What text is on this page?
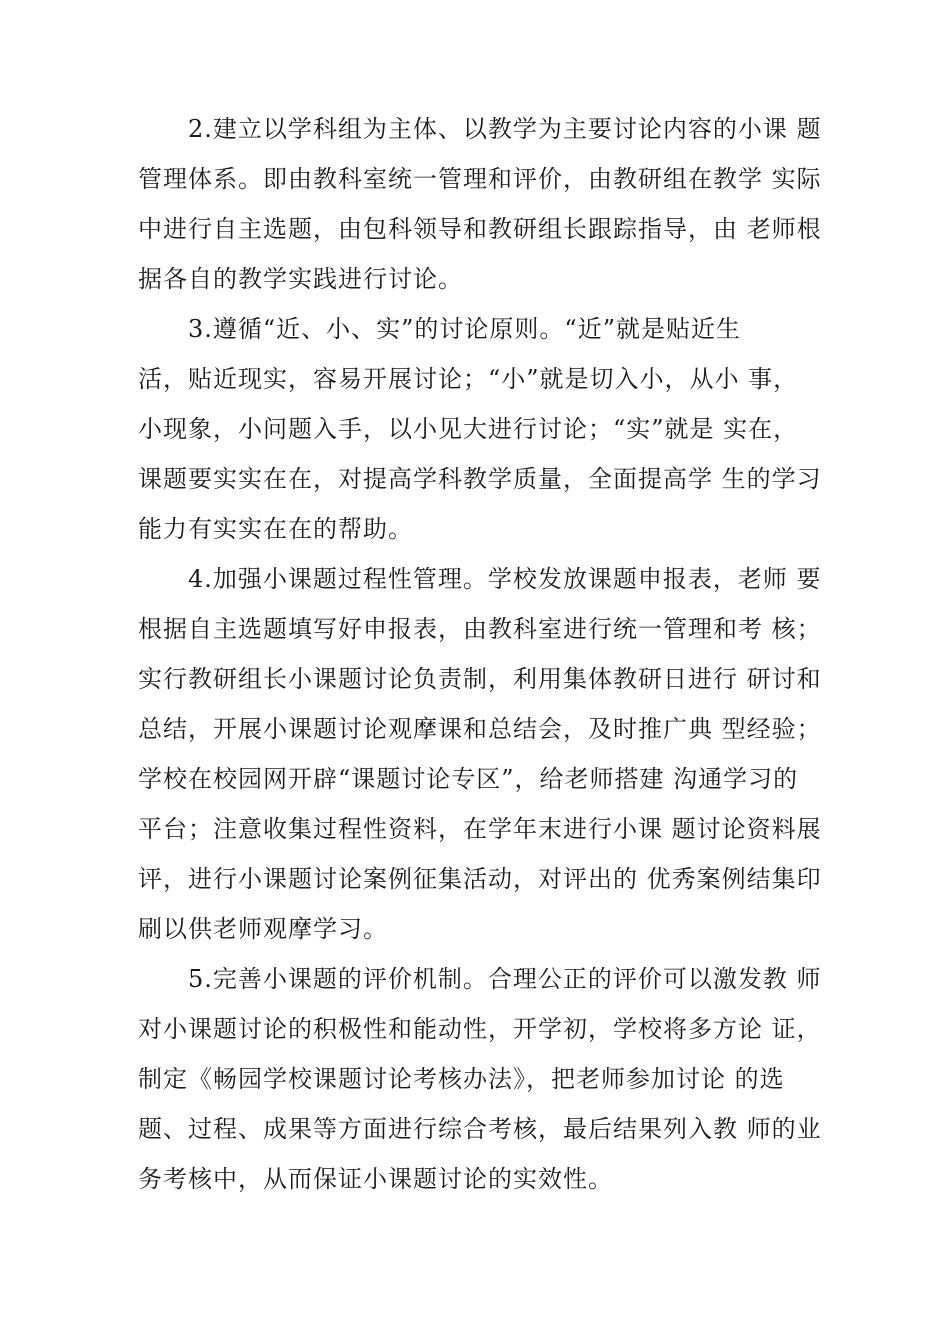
2.建立以学科组为主体、以教学为主要讨论内容的小课 题
管理体系。即由教科室统一管理和评价，由教研组在教学 实际
中进行自主选题，由包科领导和教研组长跟踪指导，由 老师根
据各自的教学实践进行讨论。
3.遵循“近、小、实”的讨论原则。“近”就是贴近生
活，贴近现实，容易开展讨论；“小”就是切入小，从小 事，
小现象，小问题入手，以小见大进行讨论；“实”就是 实在，
课题要实实在在，对提高学科教学质量，全面提高学 生的学习
能力有实实在在的帮助。
4.加强小课题过程性管理。学校发放课题申报表，老师 要
根据自主选题填写好申报表，由教科室进行统一管理和考 核；
实行教研组长小课题讨论负责制，利用集体教研日进行 研讨和
总结，开展小课题讨论观摩课和总结会，及时推广典 型经验；
学校在校园网开辟“课题讨论专区”，给老师搭建 沟通学习的
平台；注意收集过程性资料，在学年末进行小课 题讨论资料展
评，进行小课题讨论案例征集活动，对评出的 优秀案例结集印
刷以供老师观摩学习。
5.完善小课题的评价机制。合理公正的评价可以激发教 师
对小课题讨论的积极性和能动性，开学初，学校将多方论 证，
制定《畅园学校课题讨论考核办法》，把老师参加讨论 的选
题、过程、成果等方面进行综合考核，最后结果列入教 师的业
务考核中，从而保证小课题讨论的实效性。
